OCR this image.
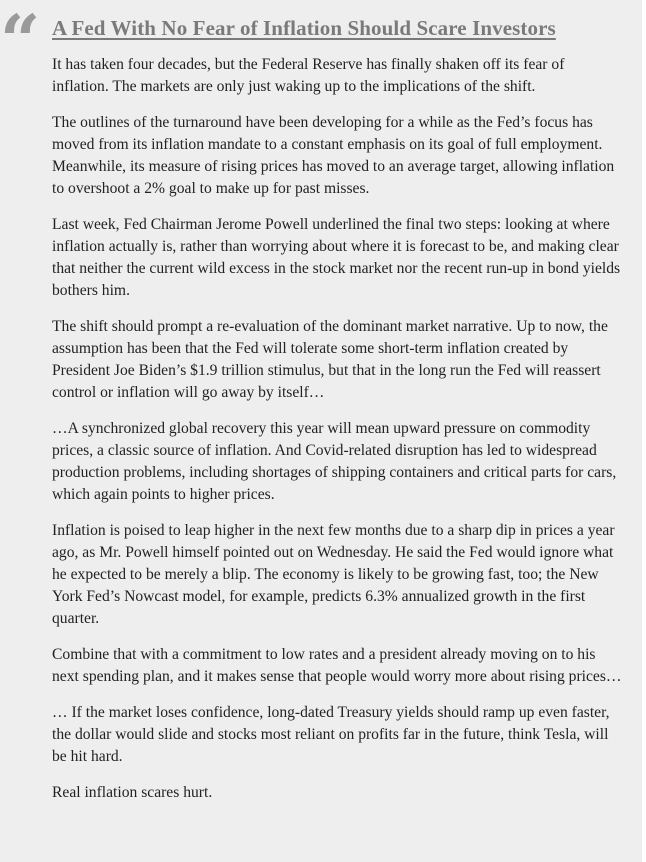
“ A Fed With No Fear of Inflation Should Scare Investors

It has taken four decades, but the Federal Reserve has finally shaken off its fear of inflation. The markets are only just waking up to the implications of the shift.

The outlines of the turnaround have been developing for a while as the Fed’s focus has moved from its inflation mandate to a constant emphasis on its goal of full employment. Meanwhile, its measure of rising prices has moved to an average target, allowing inflation to overshoot a 2% goal to make up for past misses.

Last week, Fed Chairman Jerome Powell underlined the final two steps: looking at where inflation actually is, rather than worrying about where it is forecast to be, and making clear that neither the current wild excess in the stock market nor the recent run-up in bond yields bothers him.

The shift should prompt a re-evaluation of the dominant market narrative. Up to now, the assumption has been that the Fed will tolerate some short-term inflation created by President Joe Biden’s $1.9 trillion stimulus, but that in the long run the Fed will reassert control or inflation will go away by itself…

…A synchronized global recovery this year will mean upward pressure on commodity prices, a classic source of inflation. And Covid-related disruption has led to widespread production problems, including shortages of shipping containers and critical parts for cars, which again points to higher prices.

Inflation is poised to leap higher in the next few months due to a sharp dip in prices a year ago, as Mr. Powell himself pointed out on Wednesday. He said the Fed would ignore what he expected to be merely a blip. The economy is likely to be growing fast, too; the New York Fed’s Nowcast model, for example, predicts 6.3% annualized growth in the first quarter.

Combine that with a commitment to low rates and a president already moving on to his next spending plan, and it makes sense that people would worry more about rising prices…

… If the market loses confidence, long-dated Treasury yields should ramp up even faster, the dollar would slide and stocks most reliant on profits far in the future, think Tesla, will be hit hard.

Real inflation scares hurt.
